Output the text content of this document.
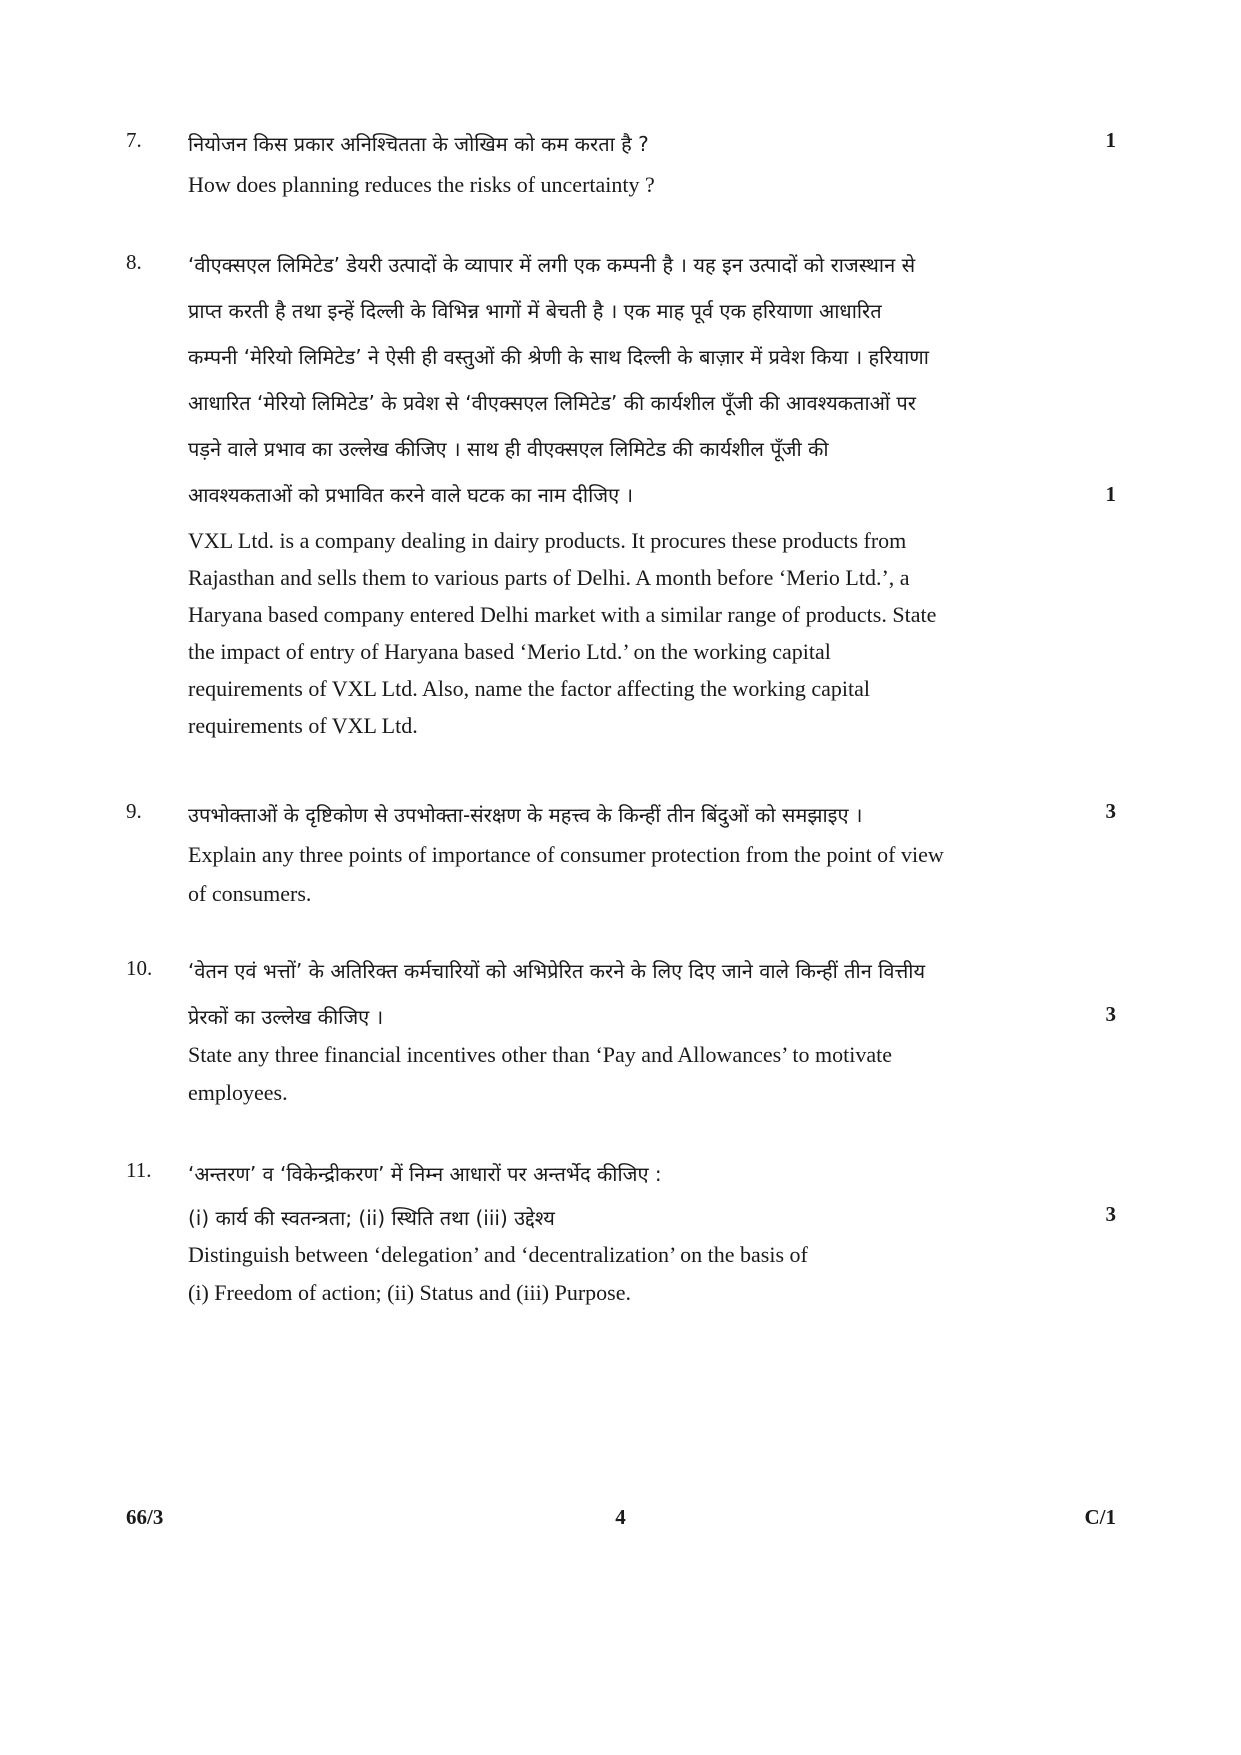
7. नियोजन किस प्रकार अनिश्चितता के जोखिम को कम करता है ?	1
How does planning reduces the risks of uncertainty ?
8. ‘वीएक्सएल लिमिटेड’ डेयरी उत्पादों के व्यापार में लगी एक कम्पनी है । यह इन उत्पादों को राजस्थान से
प्राप्त करती है तथा इन्हें दिल्ली के विभिन्न भागों में बेचती है । एक माह पूर्व एक हरियाणा आधारित
कम्पनी ‘मेरियो लिमिटेड’ ने ऐसी ही वस्तुओं की श्रेणी के साथ दिल्ली के बाज़ार में प्रवेश किया । हरियाणा
आधारित ‘मेरियो लिमिटेड’ के प्रवेश से ‘वीएक्सएल लिमिटेड’ की कार्यशील पूँजी की आवश्यकताओं पर
पड़ने वाले प्रभाव का उल्लेख कीजिए । साथ ही वीएक्सएल लिमिटेड की कार्यशील पूँजी की
आवश्यकताओं को प्रभावित करने वाले घटक का नाम दीजिए ।	1
VXL Ltd. is a company dealing in dairy products. It procures these products from
Rajasthan and sells them to various parts of Delhi. A month before ‘Merio Ltd.’, a
Haryana based company entered Delhi market with a similar range of products. State
the impact of entry of Haryana based ‘Merio Ltd.’ on the working capital
requirements of VXL Ltd. Also, name the factor affecting the working capital
requirements of VXL Ltd.
9. उपभोक्ताओं के दृष्टिकोण से उपभोक्ता-संरक्षण के महत्त्व के किन्हीं तीन बिंदुओं को समझाइए ।	3
Explain any three points of importance of consumer protection from the point of view
of consumers.
10. ‘वेतन एवं भत्तों’ के अतिरिक्त कर्मचारियों को अभिप्रेरित करने के लिए दिए जाने वाले किन्हीं तीन वित्तीय
प्रेरकों का उल्लेख कीजिए ।	3
State any three financial incentives other than ‘Pay and Allowances’ to motivate
employees.
11. ‘अन्तरण’ व ‘विकेन्द्रीकरण’ में निम्न आधारों पर अन्तर्भेद कीजिए :
(i) कार्य की स्वतन्त्रता; (ii) स्थिति तथा (iii) उद्देश्य	3
Distinguish between ‘delegation’ and ‘decentralization’ on the basis of
(i) Freedom of action; (ii) Status and (iii) Purpose.
66/3	4	C/1
